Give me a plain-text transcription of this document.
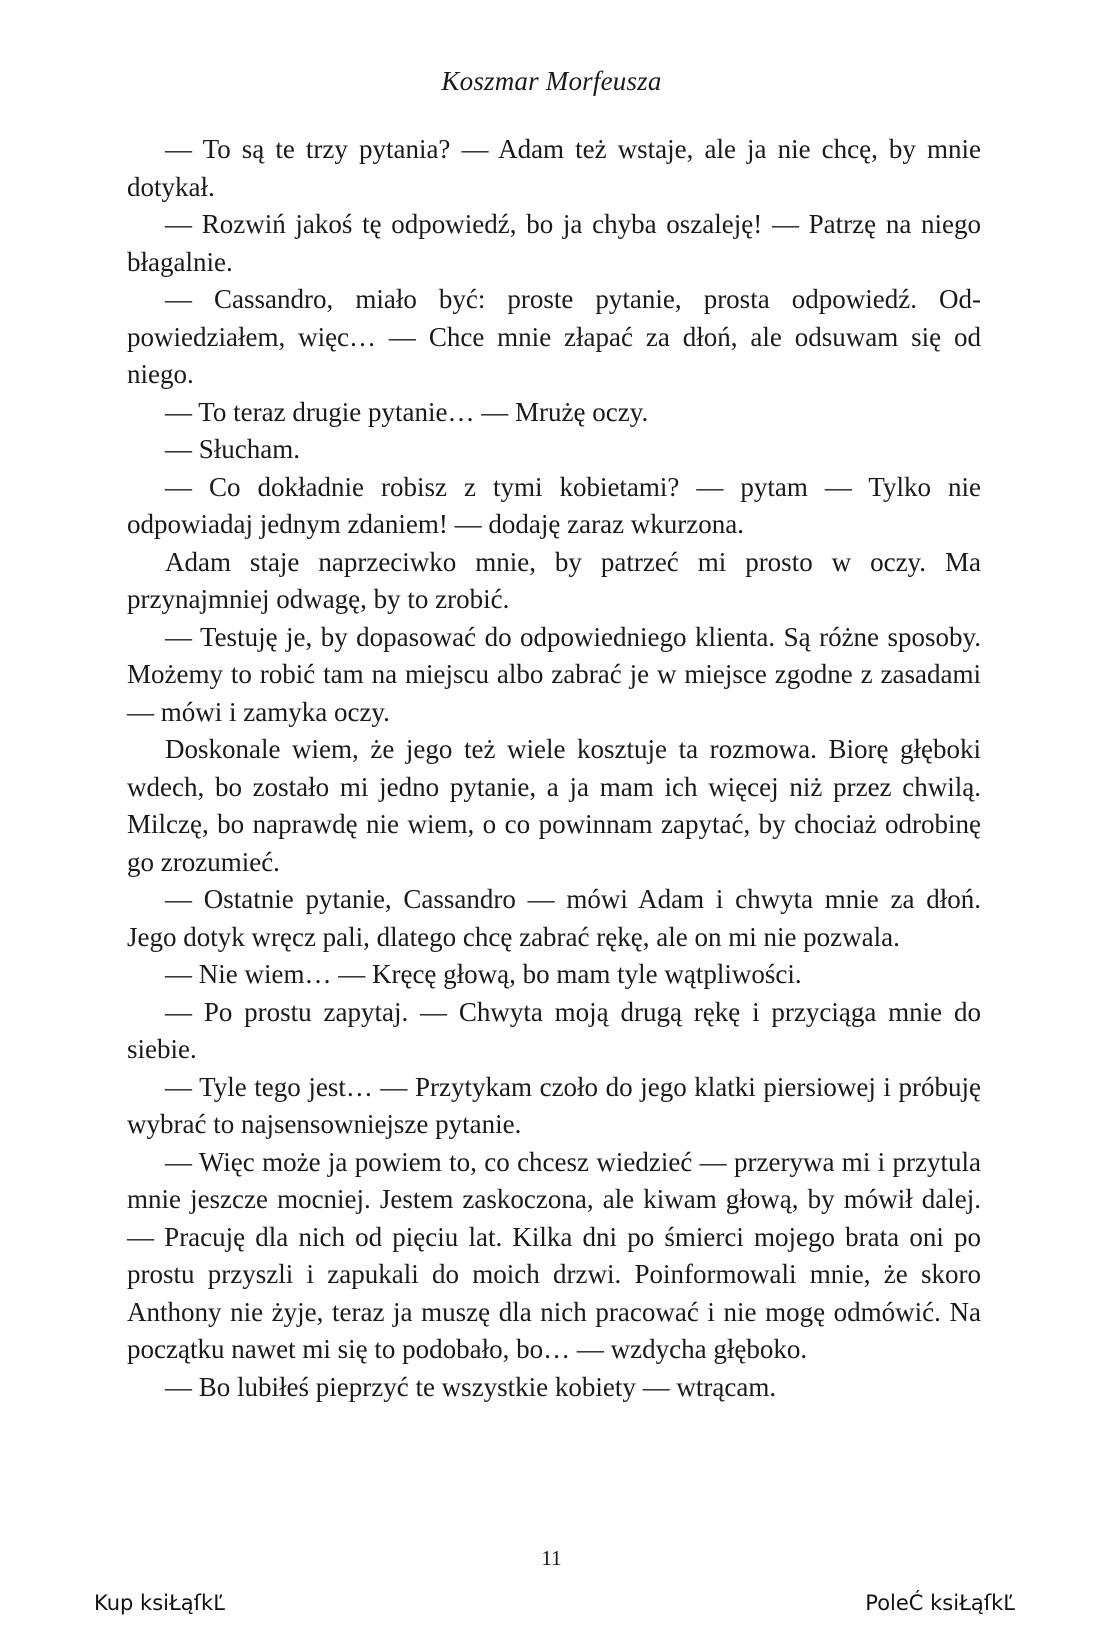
Koszmar Morfeusza

— To są te trzy pytania? — Adam też wstaje, ale ja nie chcę, by mnie dotykał.

— Rozwiń jakoś tę odpowiedź, bo ja chyba oszaleję! — Patrzę na niego błagalnie.

— Cassandro, miało być: proste pytanie, prosta odpowiedź. Odpowiedziałem, więc… — Chce mnie złapać za dłoń, ale odsuwam się od niego.

— To teraz drugie pytanie… — Mrużę oczy.

— Słucham.

— Co dokładnie robisz z tymi kobietami? — pytam — Tylko nie odpowiadaj jednym zdaniem! — dodaję zaraz wkurzona.

Adam staje naprzeciwko mnie, by patrzeć mi prosto w oczy. Ma przynajmniej odwagę, by to zrobić.

— Testuję je, by dopasować do odpowiedniego klienta. Są różne sposoby. Możemy to robić tam na miejscu albo zabrać je w miejsce zgodne z zasadami — mówi i zamyka oczy.

Doskonale wiem, że jego też wiele kosztuje ta rozmowa. Biorę głęboki wdech, bo zostało mi jedno pytanie, a ja mam ich więcej niż przez chwilą. Milczę, bo naprawdę nie wiem, o co powinnam zapytać, by chociaż odrobinę go zrozumieć.

— Ostatnie pytanie, Cassandro — mówi Adam i chwyta mnie za dłoń. Jego dotyk wręcz pali, dlatego chcę zabrać rękę, ale on mi nie pozwala.

— Nie wiem… — Kręcę głową, bo mam tyle wątpliwości.

— Po prostu zapytaj. — Chwyta moją drugą rękę i przyciąga mnie do siebie.

— Tyle tego jest… — Przytykam czoło do jego klatki piersiowej i próbuję wybrać to najsensowniejsze pytanie.

— Więc może ja powiem to, co chcesz wiedzieć — przerywa mi i przytula mnie jeszcze mocniej. Jestem zaskoczona, ale kiwam głową, by mówił dalej. — Pracuję dla nich od pięciu lat. Kilka dni po śmierci mojego brata oni po prostu przyszli i zapukali do moich drzwi. Poinformowali mnie, że skoro Anthony nie żyje, teraz ja muszę dla nich pracować i nie mogę odmówić. Na początku nawet mi się to podobało, bo… — wzdycha głęboko.

— Bo lubiłeś pieprzyć te wszystkie kobiety — wtrącam.

11
Kup ksiŁąſkĽ	PoleĆ ksiŁąſkĽ
